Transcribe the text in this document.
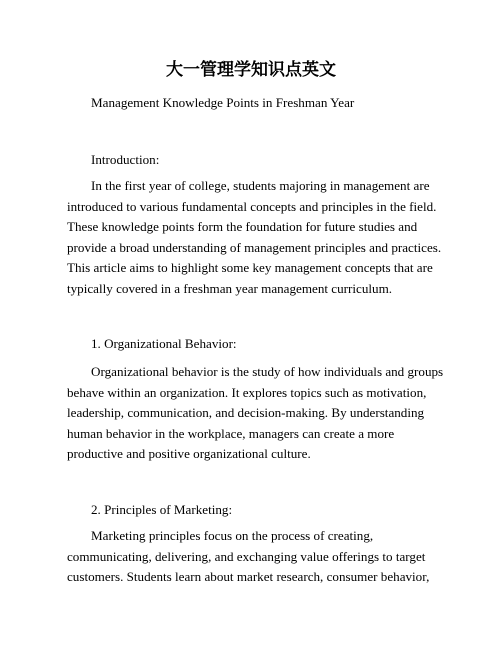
大一管理学知识点英文

Management Knowledge Points in Freshman Year

Introduction:

In the first year of college, students majoring in management are
introduced to various fundamental concepts and principles in the field.
These knowledge points form the foundation for future studies and
provide a broad understanding of management principles and practices.
This article aims to highlight some key management concepts that are
typically covered in a freshman year management curriculum.

1. Organizational Behavior:

Organizational behavior is the study of how individuals and groups
behave within an organization. It explores topics such as motivation,
leadership, communication, and decision-making. By understanding
human behavior in the workplace, managers can create a more
productive and positive organizational culture.

2. Principles of Marketing:

Marketing principles focus on the process of creating,
communicating, delivering, and exchanging value offerings to target
customers. Students learn about market research, consumer behavior,
